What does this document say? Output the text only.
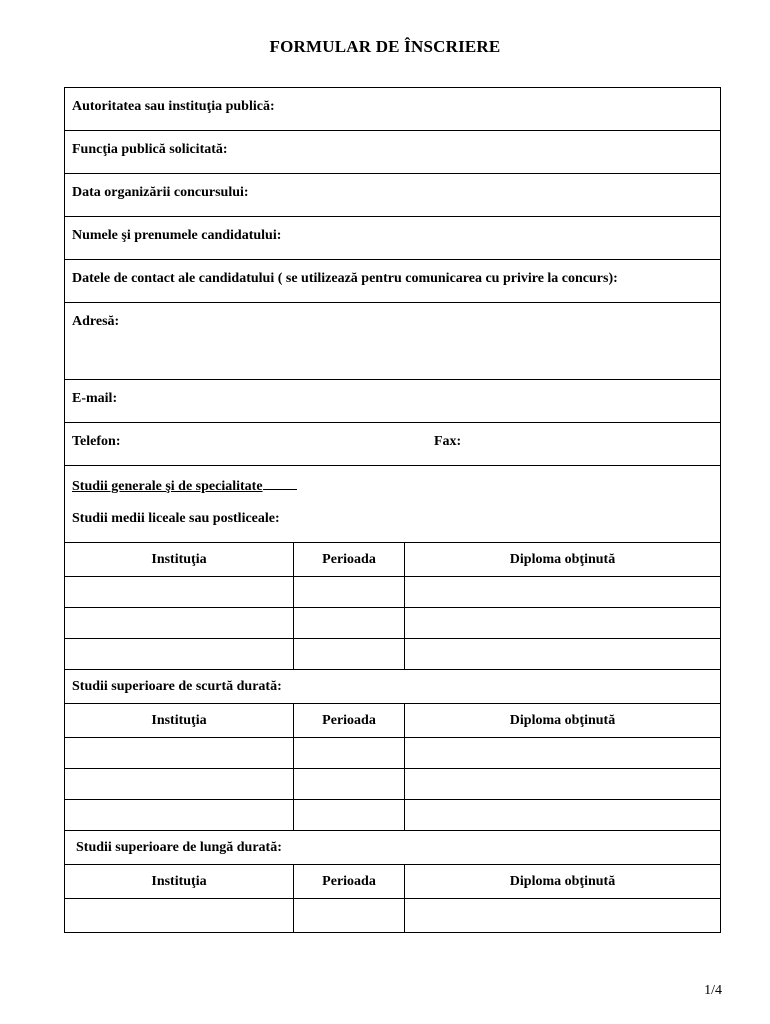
FORMULAR DE ÎNSCRIERE
Autoritatea sau instituţia publică:
Funcţia publică solicitată:
Data organizării concursului:
Numele şi prenumele candidatului:
Datele de contact ale candidatului ( se utilizează pentru comunicarea cu privire la concurs):
Adresă:
E-mail:
Telefon:	Fax:
Studii generale şi de specialitate
Studii medii liceale sau postliceale:
Instituţia	Perioada	Diploma obţinută
Studii superioare de scurtă durată:
Instituţia	Perioada	Diploma obţinută
Studii superioare de lungă durată:
Instituţia	Perioada	Diploma obţinută
1/4
